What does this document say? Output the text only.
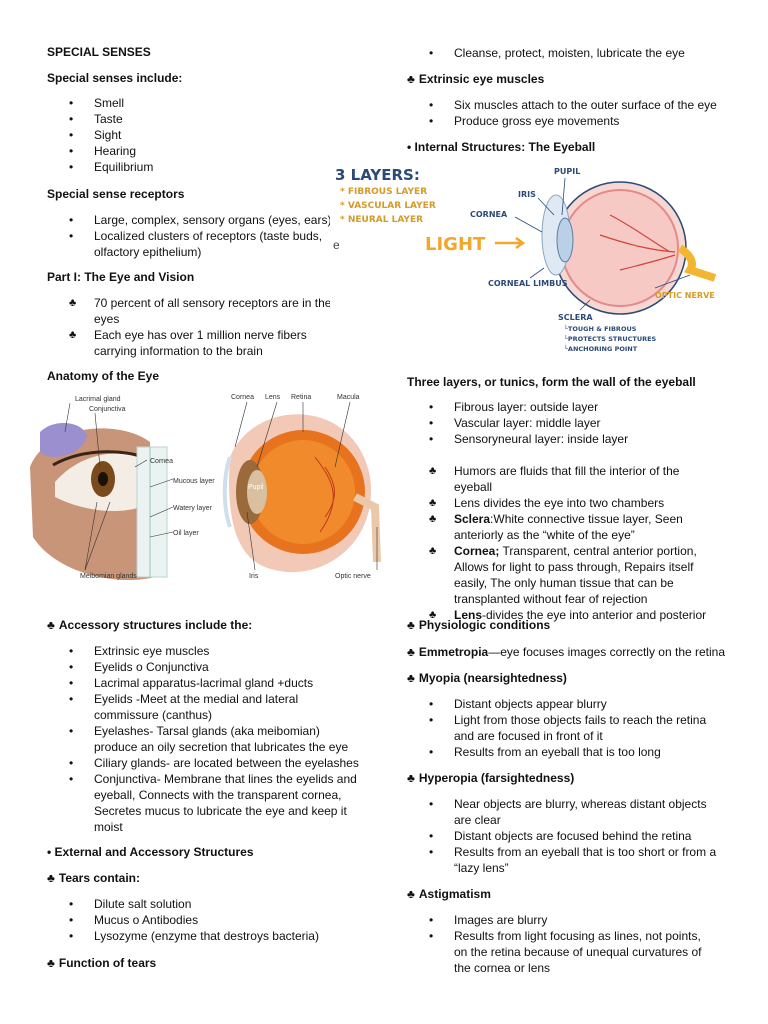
SPECIAL SENSES
Special senses include:
• Smell
• Taste
• Sight
• Hearing
• Equilibrium
Special sense receptors
• Large, complex, sensory organs (eyes, ears)
• Localized clusters of receptors (taste buds, olfactory epithelium)
Part I: The Eye and Vision
♣ 70 percent of all sensory receptors are in the eyes
♣ Each eye has over 1 million nerve fibers carrying information to the brain
Anatomy of the Eye
Lacrimal gland
Conjunctiva
Cornea
Mucous layer
Watery layer
Oil layer
Meibomian glands
Cornea Lens Retina	Macula
Pupil
Iris	Optic nerve
♣ Accessory structures include the:
• Extrinsic eye muscles
• Eyelids o Conjunctiva
• Lacrimal apparatus-lacrimal gland +ducts
• Eyelids -Meet at the medial and lateral commissure (canthus)
• Eyelashes- Tarsal glands (aka meibomian) produce an oily secretion that lubricates the eye
• Ciliary glands- are located between the eyelashes
• Conjunctiva- Membrane that lines the eyelids and eyeball, Connects with the transparent cornea, Secretes mucus to lubricate the eye and keep it moist
• External and Accessory Structures
♣ Tears contain:
• Dilute salt solution
• Mucus o Antibodies
• Lysozyme (enzyme that destroys bacteria)
♣ Function of tears
• Cleanse, protect, moisten, lubricate the eye
♣ Extrinsic eye muscles
• Six muscles attach to the outer surface of the eye
• Produce gross eye movements
• Internal Structures: The Eyeball
3 LAYERS:
* FIBROUS LAYER
* VASCULAR LAYER
* NEURAL LAYER
e	LIGHT
PUPIL
IRIS
CORNEA
CORNEAL LIMBUS
OPTIC NERVE
SCLERA
└TOUGH & FIBROUS
└PROTECTS STRUCTURES
└ANCHORING POINT
Three layers, or tunics, form the wall of the eyeball
• Fibrous layer: outside layer
• Vascular layer: middle layer
• Sensoryneural layer: inside layer
♣ Humors are fluids that fill the interior of the eyeball
♣ Lens divides the eye into two chambers
♣ Sclera:White connective tissue layer, Seen anteriorly as the “white of the eye”
♣ Cornea; Transparent, central anterior portion, Allows for light to pass through, Repairs itself easily, The only human tissue that can be transplanted without fear of rejection
♣ Lens-divides the eye into anterior and posterior
♣ Physiologic conditions
♣ Emmetropia—eye focuses images correctly on the retina
♣ Myopia (nearsightedness)
• Distant objects appear blurry
• Light from those objects fails to reach the retina and are focused in front of it
• Results from an eyeball that is too long
♣ Hyperopia (farsightedness)
• Near objects are blurry, whereas distant objects are clear
• Distant objects are focused behind the retina
• Results from an eyeball that is too short or from a “lazy lens”
♣ Astigmatism
• Images are blurry
• Results from light focusing as lines, not points, on the retina because of unequal curvatures of the cornea or lens
